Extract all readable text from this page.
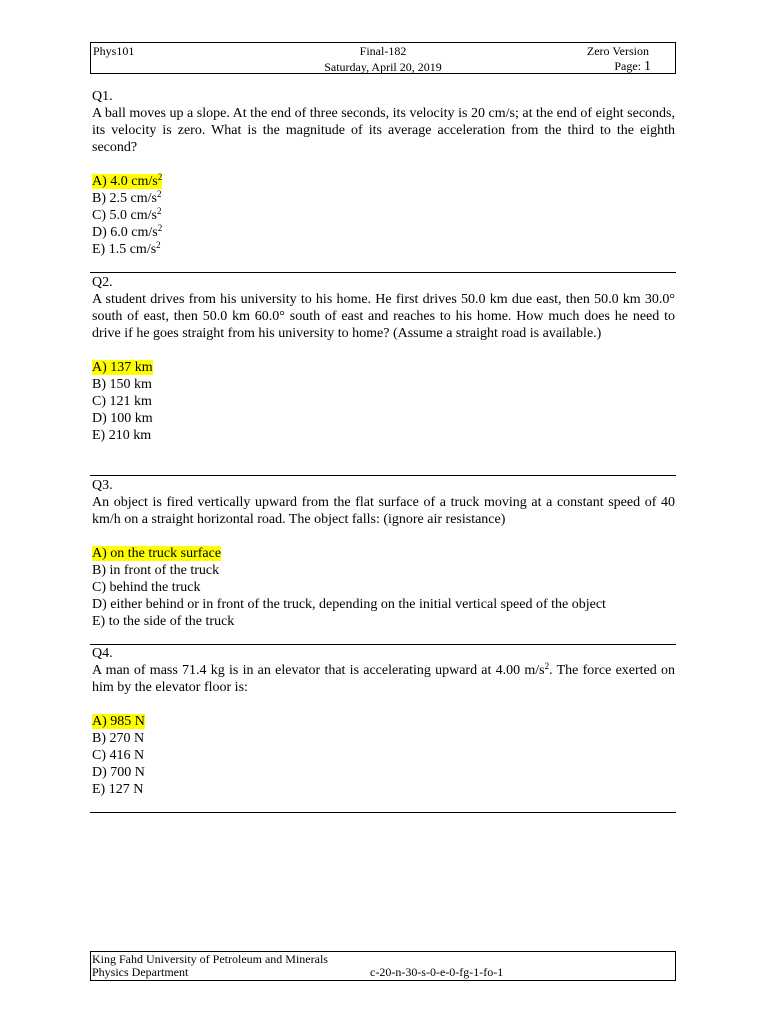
Phys101	Final-182	Zero Version
Saturday, April 20, 2019	Page: 1
Q1.

A ball moves up a slope. At the end of three seconds, its velocity is 20 cm/s; at the end of eight seconds, its velocity is zero. What is the magnitude of its average acceleration from the third to the eighth second?

A) 4.0 $cm/s^2$
B) 2.5 $cm/s^2$
C) 5.0 $cm/s^2$
D) 6.0 $cm/s^2$
E) 1.5 $cm/s^2$
Q2.

A student drives from his university to his home. He first drives 50.0 km due east, then 50.0 km 30.0° south of east, then 50.0 km 60.0° south of east and reaches to his home. How much does he need to drive if he goes straight from his university to home? (Assume a straight road is available.)

A) 137 km
B) 150 km
C) 121 km
D) 100 km
E) 210 km
Q3.

An object is fired vertically upward from the flat surface of a truck moving at a constant speed of 40 km/h on a straight horizontal road. The object falls: (ignore air resistance)

A) on the truck surface
B) in front of the truck
C) behind the truck
D) either behind or in front of the truck, depending on the initial vertical speed of the object
E) to the side of the truck
Q4.

A man of mass 71.4 kg is in an elevator that is accelerating upward at 4.00 $m/s^2$. The force exerted on him by the elevator floor is:

A) 985 N
B) 270 N
C) 416 N
D) 700 N
E) 127 N
King Fahd University of Petroleum and Minerals
Physics Department	c-20-n-30-s-0-e-0-fg-1-fo-1
